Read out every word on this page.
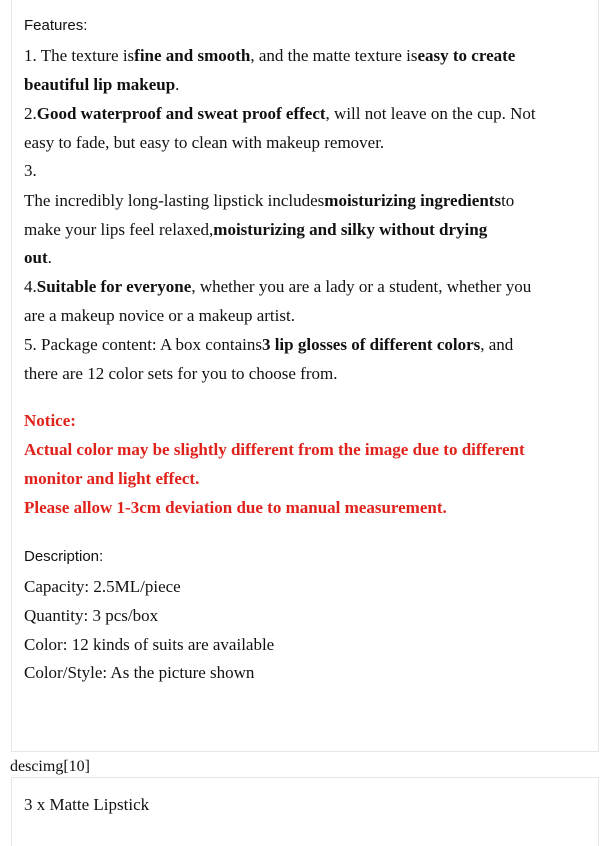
Features:

1. The texture isfine and smooth, and the matte texture iseasy to create

beautiful lip makeup.

2.Good waterproof and sweat proof effect, will not leave on the cup. Not

easy to fade, but easy to clean with makeup remover.

3.

The incredibly long-lasting lipstick includesmoisturizing ingredientsto

make your lips feel relaxed,moisturizing and silky without drying

out.

4.Suitable for everyone, whether you are a lady or a student, whether you

are a makeup novice or a makeup artist.

5. Package content: A box contains3 lip glosses of different colors, and

there are 12 color sets for you to choose from.

Notice:

Actual color may be slightly different from the image due to different

monitor and light effect.

Please allow 1-3cm deviation due to manual measurement.

Description:

Capacity: 2.5ML/piece

Quantity: 3 pcs/box

Color: 12 kinds of suits are available

Color/Style: As the picture shown

descimg[10]

3 x Matte Lipstick
